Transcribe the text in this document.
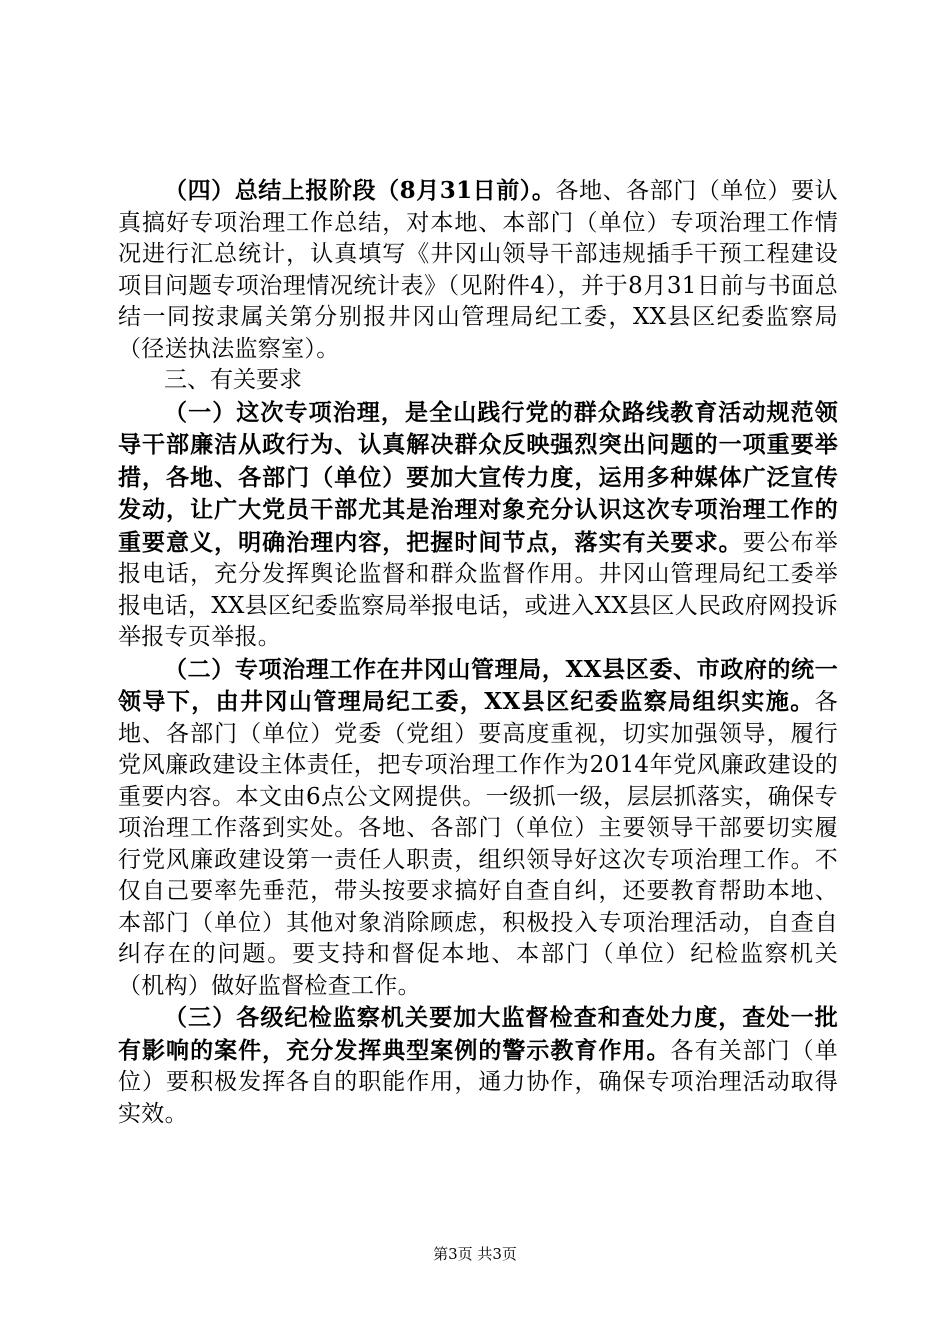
（四）总结上报阶段（8月31日前）。各地、各部门（单位）要认真搞好专项治理工作总结，对本地、本部门（单位）专项治理工作情况进行汇总统计，认真填写《井冈山领导干部违规插手干预工程建设项目问题专项治理情况统计表》（见附件4），并于8月31日前与书面总结一同按隶属关第分别报井冈山管理局纪工委，XX县区纪委监察局（径送执法监察室）。

三、有关要求

（一）这次专项治理，是全山践行党的群众路线教育活动规范领导干部廉洁从政行为、认真解决群众反映强烈突出问题的一项重要举措，各地、各部门（单位）要加大宣传力度，运用多种媒体广泛宣传发动，让广大党员干部尤其是治理对象充分认识这次专项治理工作的重要意义，明确治理内容，把握时间节点，落实有关要求。要公布举报电话，充分发挥舆论监督和群众监督作用。井冈山管理局纪工委举报电话，XX县区纪委监察局举报电话，或进入XX县区人民政府网投诉举报专页举报。

（二）专项治理工作在井冈山管理局，XX县区委、市政府的统一领导下，由井冈山管理局纪工委，XX县区纪委监察局组织实施。各地、各部门（单位）党委（党组）要高度重视，切实加强领导，履行党风廉政建设主体责任，把专项治理工作作为2014年党风廉政建设的重要内容。本文由6点公文网提供。一级抓一级，层层抓落实，确保专项治理工作落到实处。各地、各部门（单位）主要领导干部要切实履行党风廉政建设第一责任人职责，组织领导好这次专项治理工作。不仅自己要率先垂范，带头按要求搞好自查自纠，还要教育帮助本地、本部门（单位）其他对象消除顾虑，积极投入专项治理活动，自查自纠存在的问题。要支持和督促本地、本部门（单位）纪检监察机关（机构）做好监督检查工作。

（三）各级纪检监察机关要加大监督检查和查处力度，查处一批有影响的案件，充分发挥典型案例的警示教育作用。各有关部门（单位）要积极发挥各自的职能作用，通力协作，确保专项治理活动取得实效。

第3页 共3页
